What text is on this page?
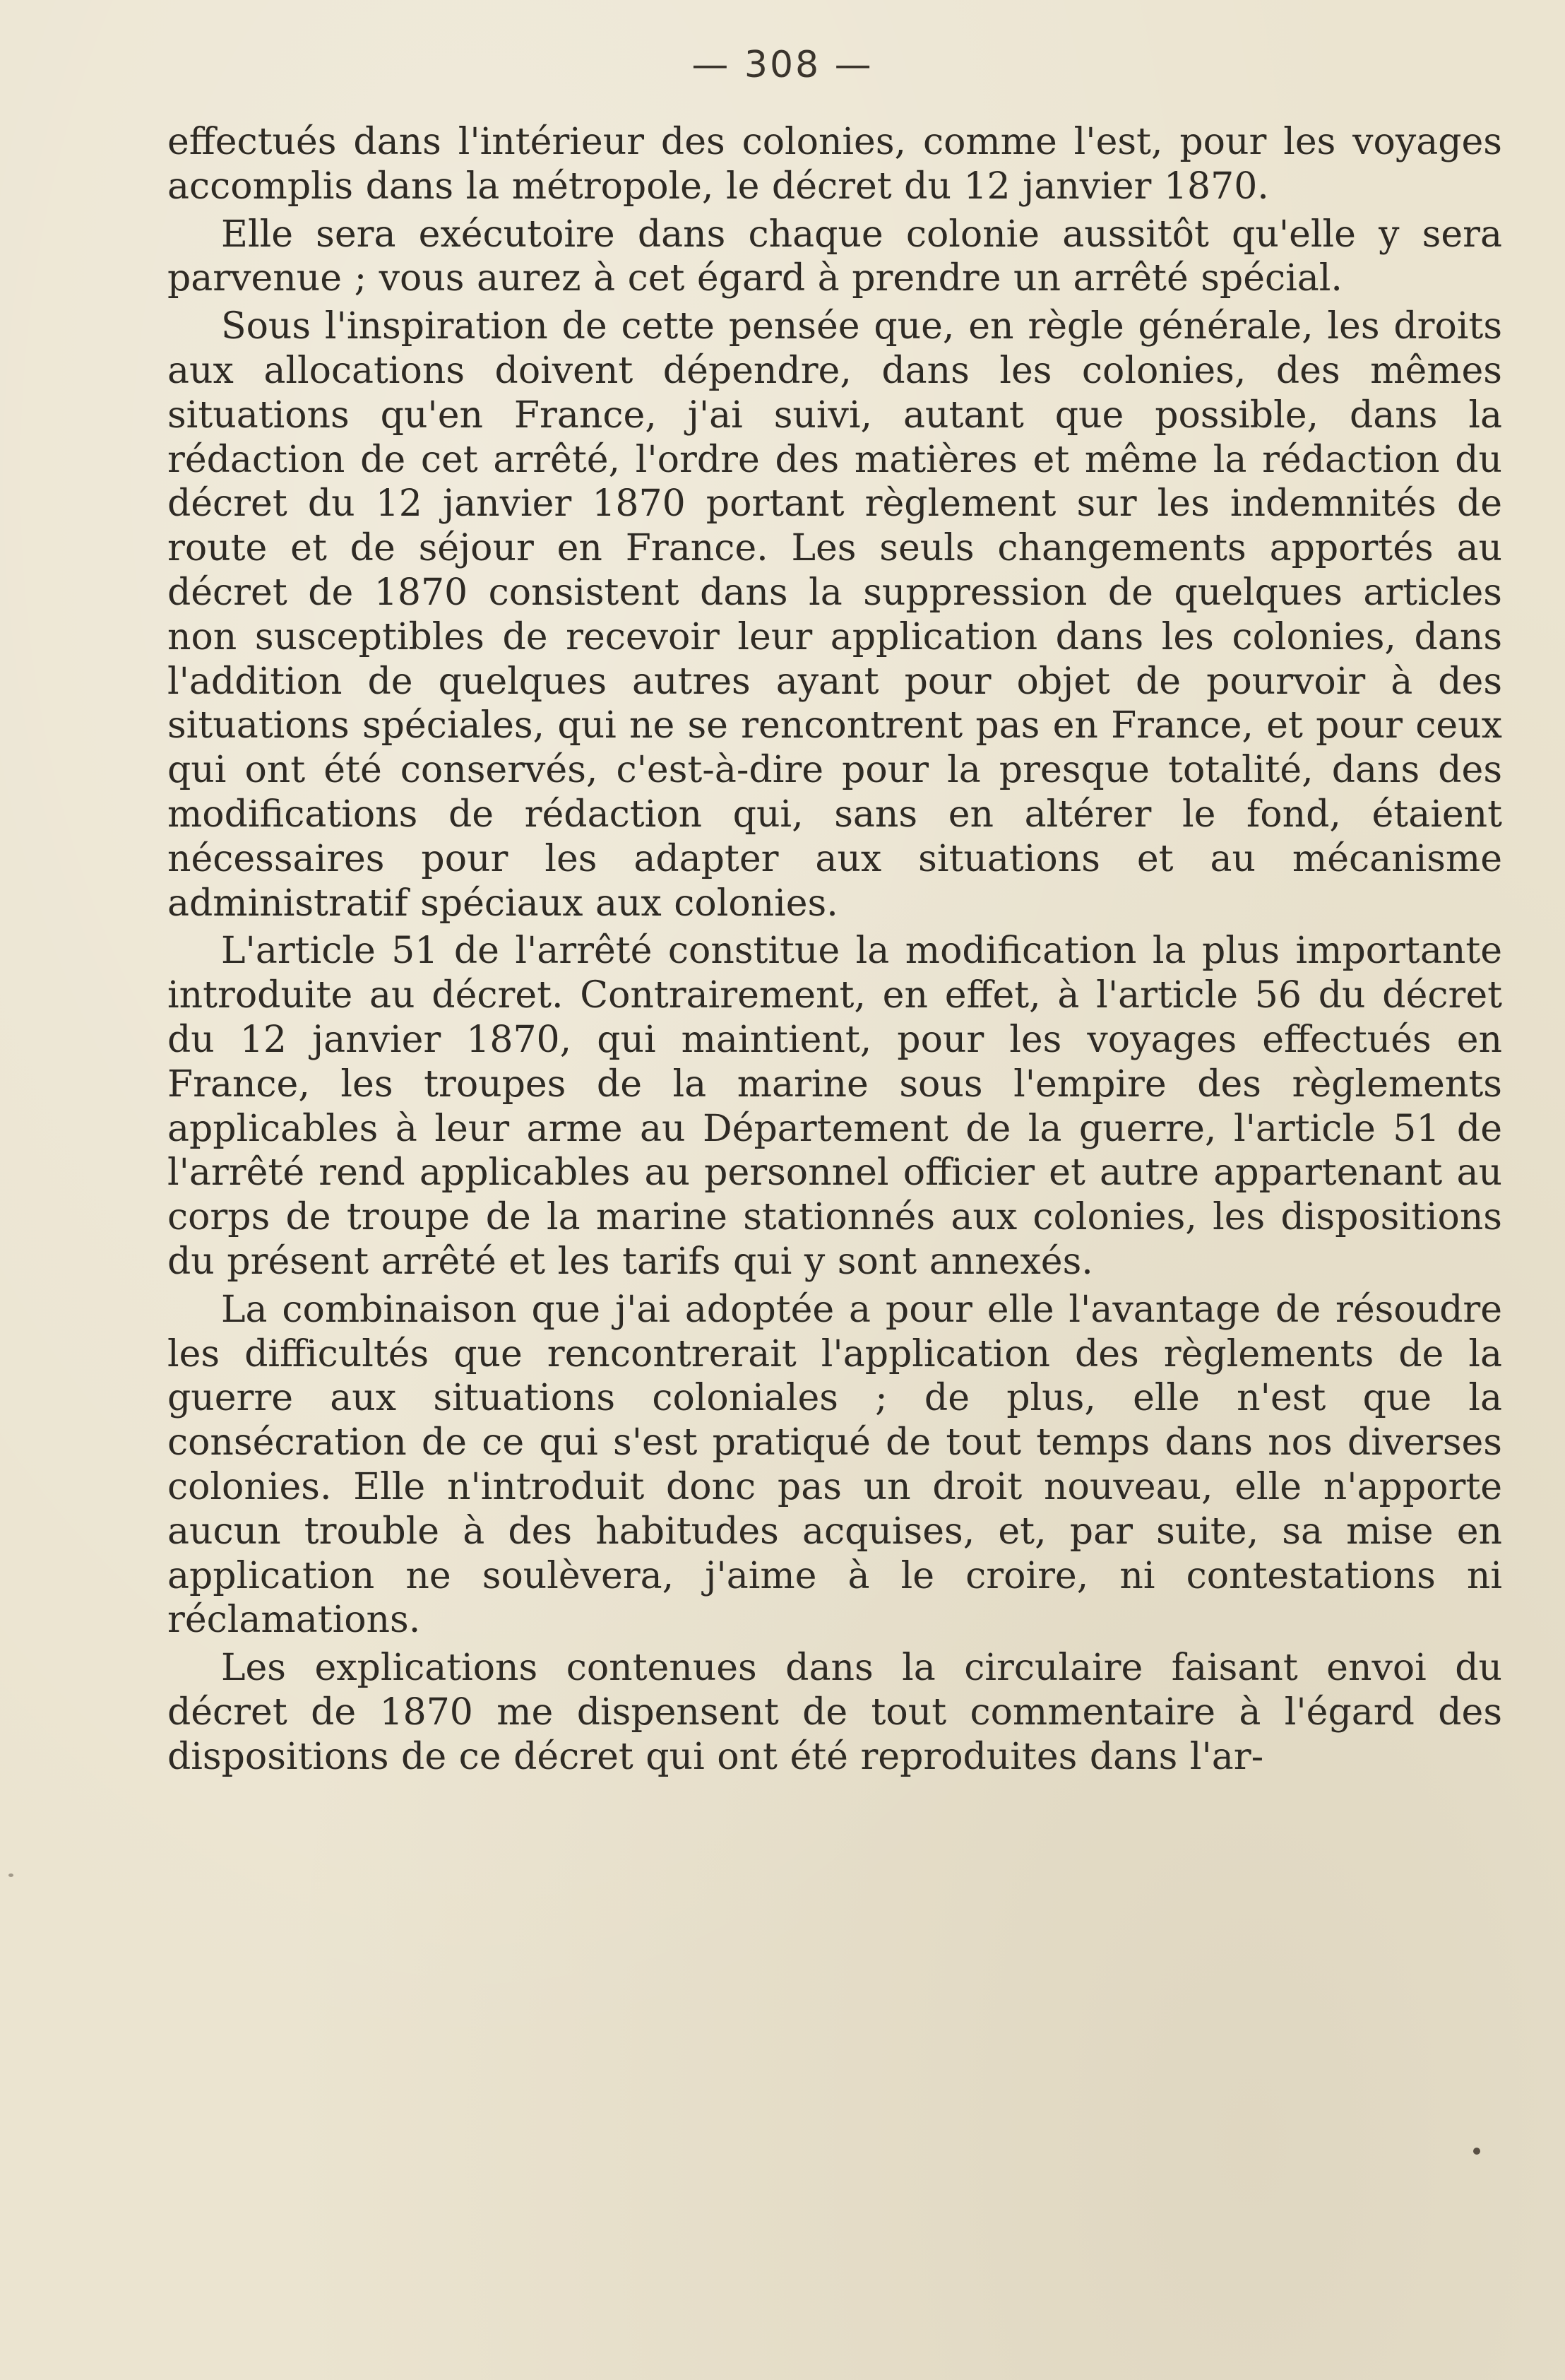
— 308 —

effectués dans l'intérieur des colonies, comme l'est, pour les voyages accomplis dans la métropole, le décret du 12 janvier 1870.

Elle sera exécutoire dans chaque colonie aussitôt qu'elle y sera parvenue ; vous aurez à cet égard à prendre un arrêté spécial.

Sous l'inspiration de cette pensée que, en règle générale, les droits aux allocations doivent dépendre, dans les colonies, des mêmes situations qu'en France, j'ai suivi, autant que possible, dans la rédaction de cet arrêté, l'ordre des matières et même la rédaction du décret du 12 janvier 1870 portant règlement sur les indemnités de route et de séjour en France. Les seuls changements apportés au décret de 1870 consistent dans la suppression de quelques articles non susceptibles de recevoir leur application dans les colonies, dans l'addition de quelques autres ayant pour objet de pourvoir à des situations spéciales, qui ne se rencontrent pas en France, et pour ceux qui ont été conservés, c'est-à-dire pour la presque totalité, dans des modifications de rédaction qui, sans en altérer le fond, étaient nécessaires pour les adapter aux situations et au mécanisme administratif spéciaux aux colonies.

L'article 51 de l'arrêté constitue la modification la plus importante introduite au décret. Contrairement, en effet, à l'article 56 du décret du 12 janvier 1870, qui maintient, pour les voyages effectués en France, les troupes de la marine sous l'empire des règlements applicables à leur arme au Département de la guerre, l'article 51 de l'arrêté rend applicables au personnel officier et autre appartenant au corps de troupe de la marine stationnés aux colonies, les dispositions du présent arrêté et les tarifs qui y sont annexés.

La combinaison que j'ai adoptée a pour elle l'avantage de résoudre les difficultés que rencontrerait l'application des règlements de la guerre aux situations coloniales ; de plus, elle n'est que la consécration de ce qui s'est pratiqué de tout temps dans nos diverses colonies. Elle n'introduit donc pas un droit nouveau, elle n'apporte aucun trouble à des habitudes acquises, et, par suite, sa mise en application ne soulèvera, j'aime à le croire, ni contestations ni réclamations.

Les explications contenues dans la circulaire faisant envoi du décret de 1870 me dispensent de tout commentaire à l'égard des dispositions de ce décret qui ont été reproduites dans l'ar-
